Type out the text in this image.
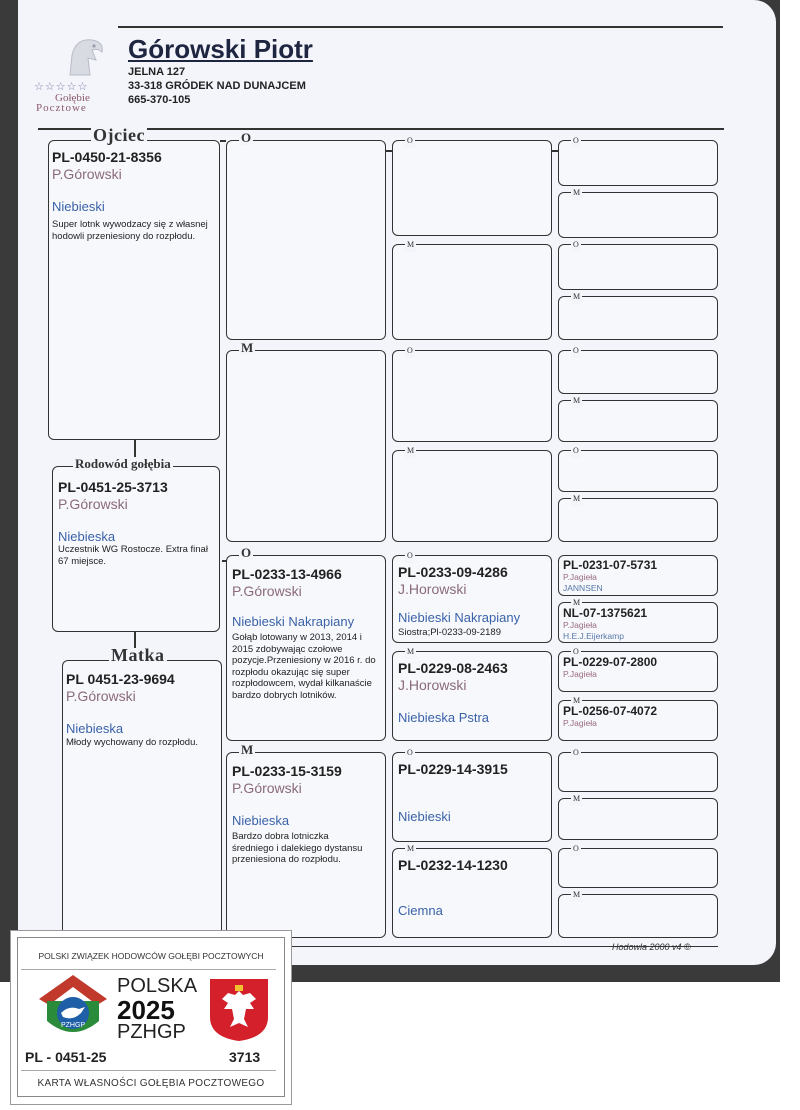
☆☆☆☆☆
Gołębie
Pocztowe
Górowski Piotr
JELNA 127
33-318 GRÓDEK NAD DUNAJCEM
665-370-105
Ojciec
PL-0450-21-8356
P.Górowski
Niebieski
Super lotnk wywodzacy się z własnej hodowli przeniesiony do rozpłodu.
Rodowód gołębia
PL-0451-25-3713
P.Górowski
Niebieska
Uczestnik WG Rostocze. Extra finał 67 miejsce.
Matka
PL 0451-23-9694
P.Górowski
Niebieska
Młody wychowany do rozpłodu.
O
M
O
PL-0233-13-4966
P.Górowski
Niebieski Nakrapiany
Gołąb lotowany w 2013, 2014 i 2015 zdobywając czołowe pozycje.Przeniesiony w 2016 r. do rozpłodu okazując się super rozpłodowcem, wydał kilkanaście bardzo dobrych lotników.
M
PL-0233-15-3159
P.Górowski
Niebieska
Bardzo dobra lotniczka średniego i dalekiego dystansu przeniesiona do rozpłodu.
O
M
O
M
O
PL-0233-09-4286
J.Horowski
Niebieski Nakrapiany
Siostra;Pl-0233-09-2189
M
PL-0229-08-2463
J.Horowski
Niebieska Pstra
O
PL-0229-14-3915
Niebieski
M
PL-0232-14-1230
Ciemna
O
M
O
M
O
M
O
M
PL-0231-07-5731
P.Jagieła
JANNSEN
M
NL-07-1375621
P.Jagieła
H.E.J.Eijerkamp
O
PL-0229-07-2800
P.Jagieła
M
PL-0256-07-4072
P.Jagieła
O
M
O
M
Hodowla 2000 v4 ©
POLSKI ZWIĄZEK HODOWCÓW GOŁĘBI POCZTOWYCH
PZHGP
POLSKA
2025
PZHGP
PL - 0451-25	3713
KARTA WŁASNOŚCI GOŁĘBIA POCZTOWEGO
